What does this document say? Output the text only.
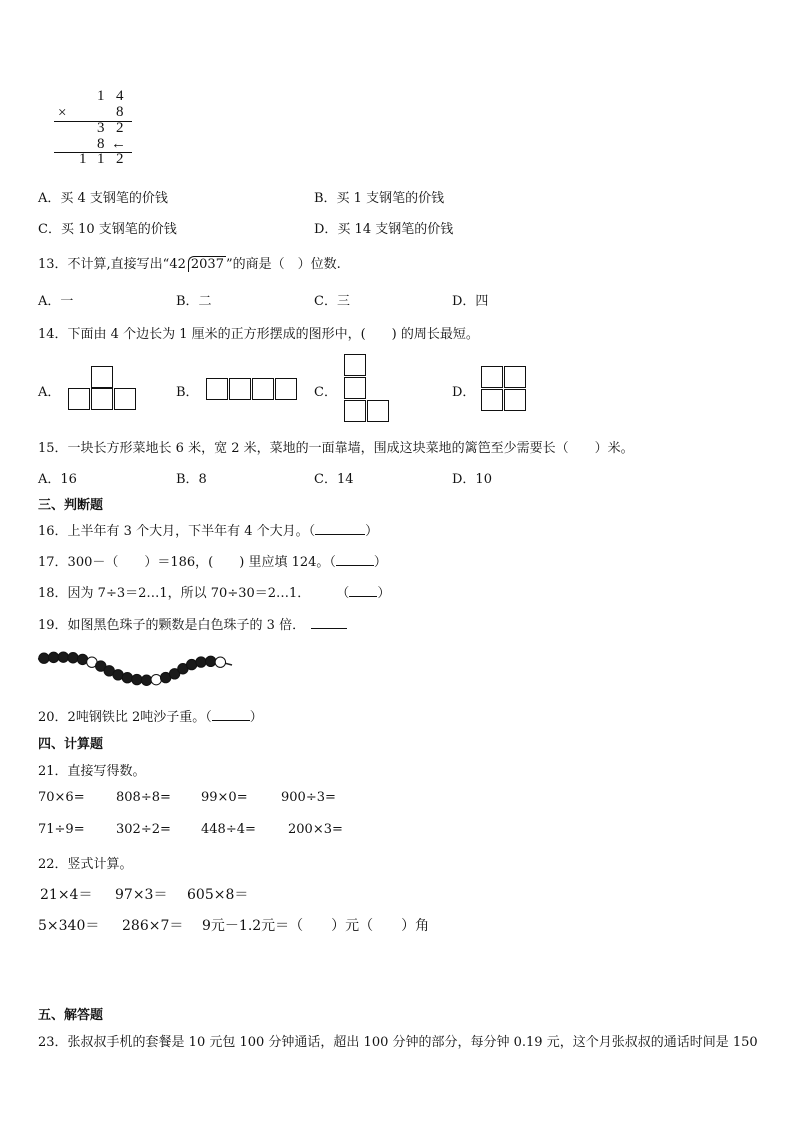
1 4
×	8
3 2
8 ←
1 1 2
A．买 4 支钢笔的价钱	B．买 1 支钢笔的价钱
C．买 10 支钢笔的价钱	D．买 14 支钢笔的价钱
13．不计算,直接写出“42 2037 ”的商是（　）位数.
A．一	B．二	C．三	D．四
14．下面由 4 个边长为 1 厘米的正方形摆成的图形中，(　　) 的周长最短。
A．	B．	C．	D．
15．一块长方形菜地长 6 米，宽 2 米，菜地的一面靠墙，围成这块菜地的篱笆至少需要长（　　）米。
A．16	B．8	C．14	D．10
三、判断题
16．上半年有 3 个大月，下半年有 4 个大月。（	）
17．300－（　　）＝186，(　　) 里应填 124。（	）
18．因为 7÷3＝2…1，所以 70÷30＝2…1．　　　（ ）
19．如图黑色珠子的颗数是白色珠子的 3 倍．
20．2吨钢铁比 2吨沙子重。（	）
四、计算题
21．直接写得数。
70×6= 808÷8= 99×0=	900÷3=
71÷9= 302÷2= 448÷4= 200×3=
22．竖式计算。
21×4＝ 97×3＝ 605×8＝
5×340＝ 286×7＝ 9元－1.2元＝（　　）元（　　）角
五、解答题
23．张叔叔手机的套餐是 10 元包 100 分钟通话，超出 100 分钟的部分，每分钟 0.19 元，这个月张叔叔的通话时间是 150
